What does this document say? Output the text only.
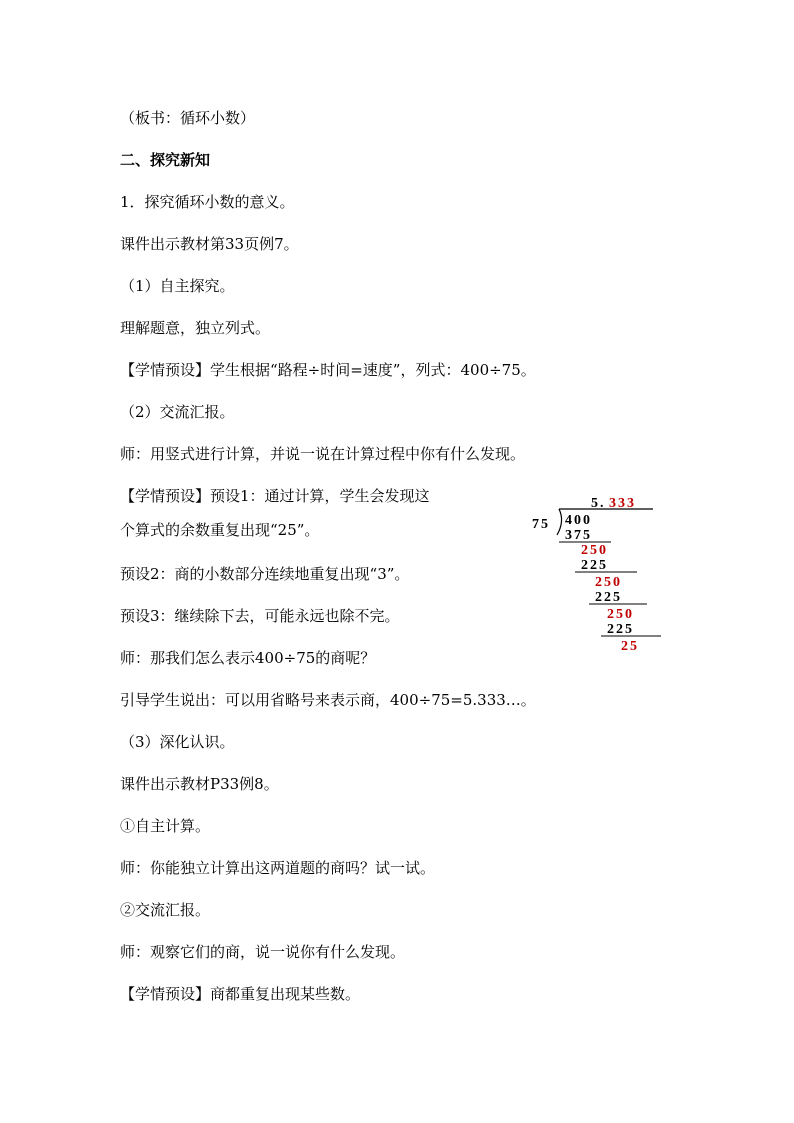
（板书：循环小数）
二、探究新知
1．探究循环小数的意义。
课件出示教材第33页例7。
（1）自主探究。
理解题意，独立列式。
【学情预设】学生根据“路程÷时间=速度”，列式：400÷75。
（2）交流汇报。
师：用竖式进行计算，并说一说在计算过程中你有什么发现。
【学情预设】预设1：通过计算，学生会发现这
个算式的余数重复出现“25”。
预设2：商的小数部分连续地重复出现“3”。
预设3：继续除下去，可能永远也除不完。
师：那我们怎么表示400÷75的商呢？
引导学生说出：可以用省略号来表示商，400÷75=5.333…。
（3）深化认识。
课件出示教材P33例8。
①自主计算。
师：你能独立计算出这两道题的商吗？试一试。
②交流汇报。
师：观察它们的商，说一说你有什么发现。
【学情预设】商都重复出现某些数。
5. 333
75 400
375
250
225
250
225
250
225
25
